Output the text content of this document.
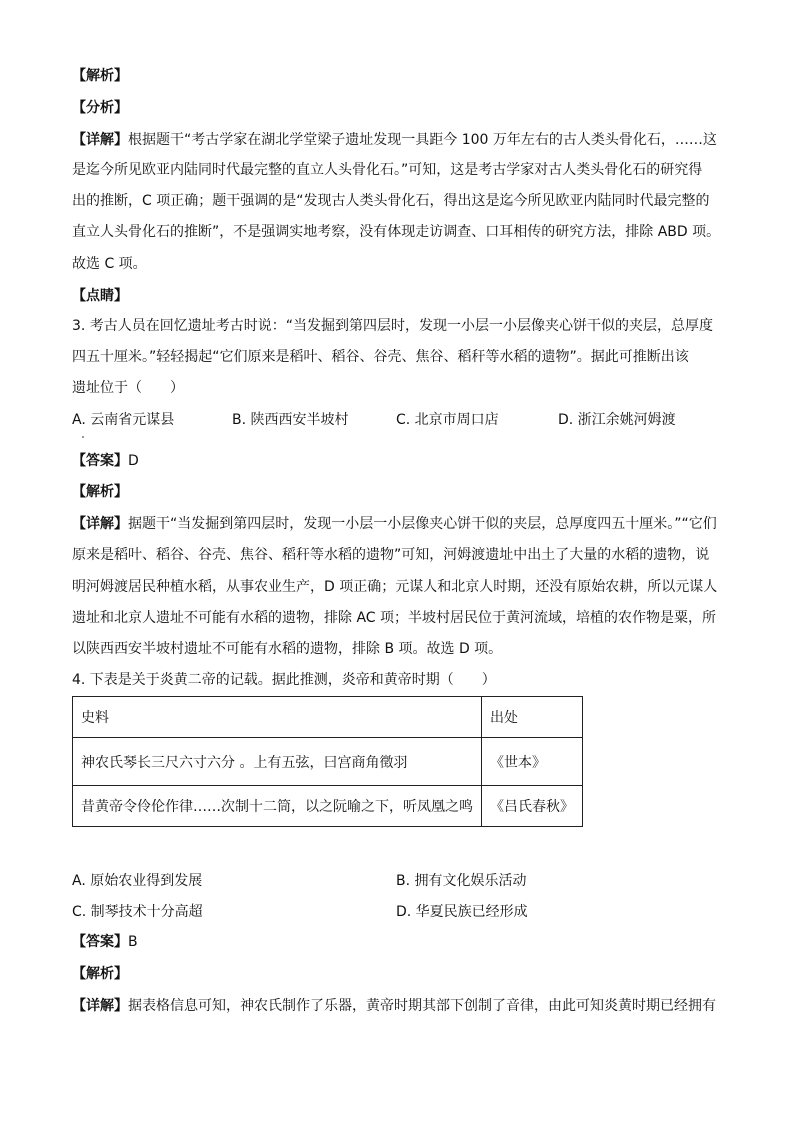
【解析】
【分析】
【详解】根据题干“考古学家在湖北学堂梁子遗址发现一具距今 100 万年左右的古人类头骨化石，……这
是迄今所见欧亚内陆同时代最完整的直立人头骨化石。”可知，这是考古学家对古人类头骨化石的研究得
出的推断，C 项正确；题干强调的是“发现古人类头骨化石，得出这是迄今所见欧亚内陆同时代最完整的
直立人头骨化石的推断”，不是强调实地考察，没有体现走访调查、口耳相传的研究方法，排除 ABD 项。
故选 C 项。
【点睛】
3. 考古人员在回忆遗址考古时说：“当发掘到第四层时，发现一小层一小层像夹心饼干似的夹层，总厚度
四五十厘米。”轻轻揭起“它们原来是稻叶、稻谷、谷壳、焦谷、稻秆等水稻的遗物”。据此可推断出该
遗址位于（　　）
A. 云南省元谋县	B. 陕西西安半坡村	C. 北京市周口店	D. 浙江余姚河姆渡
【答案】D
【解析】
【详解】据题干“当发掘到第四层时，发现一小层一小层像夹心饼干似的夹层，总厚度四五十厘米。”“它们
原来是稻叶、稻谷、谷壳、焦谷、稻秆等水稻的遗物”可知，河姆渡遗址中出土了大量的水稻的遗物，说
明河姆渡居民种植水稻，从事农业生产，D 项正确；元谋人和北京人时期，还没有原始农耕，所以元谋人
遗址和北京人遗址不可能有水稻的遗物，排除 AC 项；半坡村居民位于黄河流域，培植的农作物是粟，所
以陕西西安半坡村遗址不可能有水稻的遗物，排除 B 项。故选 D 项。
4. 下表是关于炎黄二帝的记载。据此推测，炎帝和黄帝时期（　　）
史料	出处
神农氏琴长三尺六寸六分 。上有五弦，曰宫商角徵羽	《世本》
昔黄帝令伶伦作律……次制十二筒，以之阮喻之下，听凤凰之鸣	《吕氏春秋》
A. 原始农业得到发展	B. 拥有文化娱乐活动
C. 制琴技术十分高超	D. 华夏民族已经形成
【答案】B
【解析】
【详解】据表格信息可知，神农氏制作了乐器，黄帝时期其部下创制了音律，由此可知炎黄时期已经拥有
